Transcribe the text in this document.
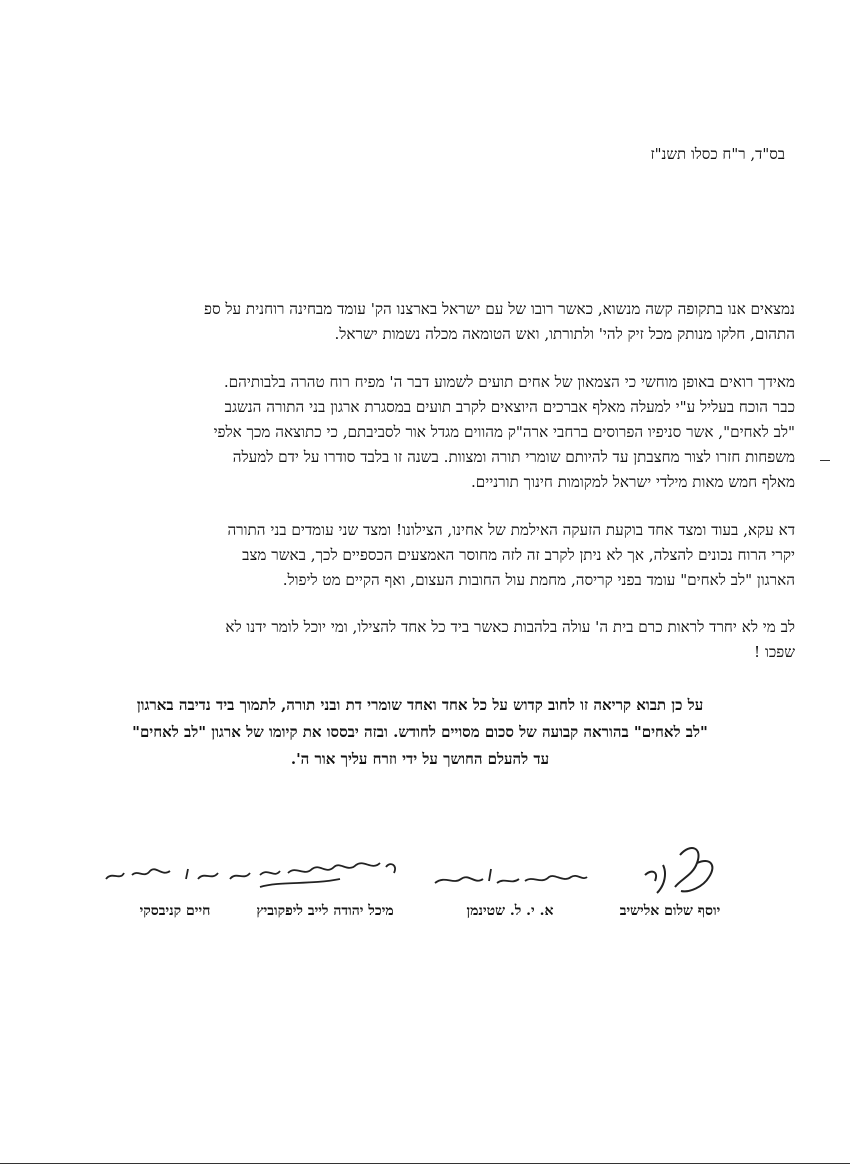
בס"ד, ר"ח כסלו תשנ"ז
נמצאים אנו בתקופה קשה מנשוא, כאשר רובו של עם ישראל בארצנו הק' עומד מבחינה רוחנית על ספ
התהום, חלקו מנותק מכל זיק להי' ולתורתו, ואש הטומאה מכלה נשמות ישראל.
מאידך רואים באופן מוחשי כי הצמאון של אחים תועים לשמוע דבר ה' מפיח רוח טהרה בלבותיהם.
כבר הוכח בעליל ע"י למעלה מאלף אברכים היוצאים לקרב תועים במסגרת ארגון בני התורה הנשגב
"לב לאחים", אשר סניפיו הפרוסים ברחבי ארה"ק מהווים מגדל אור לסביבתם, כי כתוצאה מכך אלפי
משפחות חזרו לצור מחצבתן עד להיותם שומרי תורה ומצוות. בשנה זו בלבד סודרו על ידם למעלה
מאלף חמש מאות מילדי ישראל למקומות חינוך תורניים.
דא עקא, בעוד ומצד אחד בוקעת הזעקה האילמת של אחינו, הצילונו! ומצד שני עומדים בני התורה
יקרי הרוח נכונים להצלה, אך לא ניתן לקרב זה לזה מחוסר האמצעים הכספיים לכך, באשר מצב
הארגון "לב לאחים" עומד בפני קריסה, מחמת עול החובות העצום, ואף הקיים מט ליפול.
לב מי לא יחרד לראות כרם בית ה' עולה בלהבות כאשר ביד כל אחד להצילו, ומי יוכל לומר ידנו לא
שפכו !
על כן תבוא קריאה זו לחוב קדוש על כל אחד ואחד שומרי דת ובני תורה, לתמוך ביד נדיבה בארגון
"לב לאחים" בהוראה קבועה של סכום מסויים לחודש. ובזה יבססו את קיומו של ארגון "לב לאחים"
עד להעלם החושך על ידי וזרח עליך אור ה'.
יוסף שלום אלישיב
א. י. ל. שטינמן
מיכל יהודה לייב ליפקוביץ
חיים קניבסקי
